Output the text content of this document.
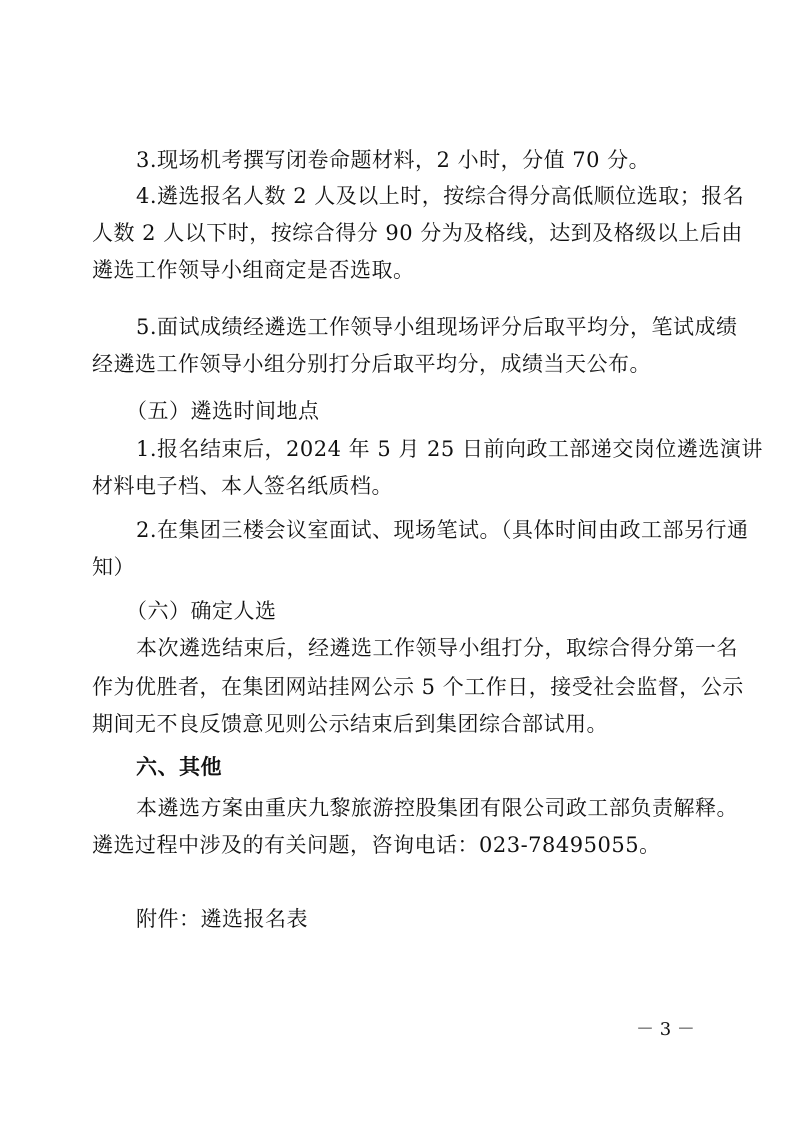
3.现场机考撰写闭卷命题材料，2 小时，分值 70 分。
4.遴选报名人数 2 人及以上时，按综合得分高低顺位选取；报名
人数 2 人以下时，按综合得分 90 分为及格线，达到及格级以上后由
遴选工作领导小组商定是否选取。
5.面试成绩经遴选工作领导小组现场评分后取平均分，笔试成绩
经遴选工作领导小组分别打分后取平均分，成绩当天公布。
（五）遴选时间地点
1.报名结束后，2024 年 5 月 25 日前向政工部递交岗位遴选演讲
材料电子档、本人签名纸质档。
2.在集团三楼会议室面试、现场笔试。（具体时间由政工部另行通
知）
（六）确定人选
本次遴选结束后，经遴选工作领导小组打分，取综合得分第一名
作为优胜者，在集团网站挂网公示 5 个工作日，接受社会监督，公示
期间无不良反馈意见则公示结束后到集团综合部试用。
六、其他
本遴选方案由重庆九黎旅游控股集团有限公司政工部负责解释。
遴选过程中涉及的有关问题，咨询电话：023-78495055。
附件：遴选报名表
－ 3 －
